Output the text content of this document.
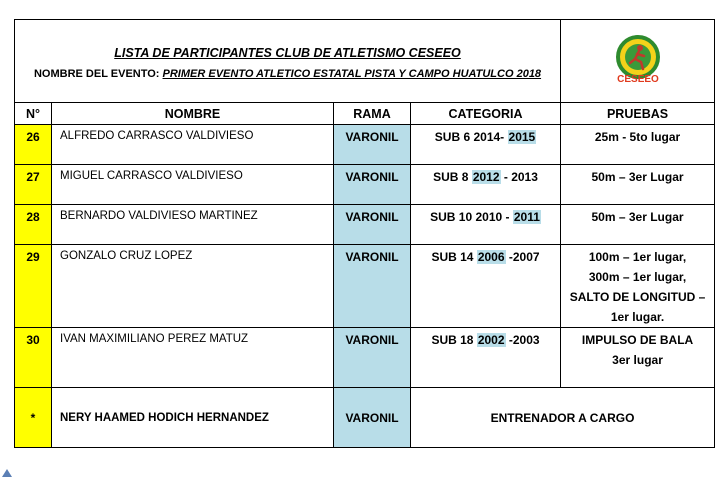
LISTA DE PARTICIPANTES CLUB DE ATLETISMO CESEEO
NOMBRE DEL EVENTO: PRIMER EVENTO ATLETICO ESTATAL PISTA Y CAMPO HUATULCO 2018				CESEEO

N°	NOMBRE	RAMA	CATEGORIA	PRUEBAS
26	ALFREDO CARRASCO VALDIVIESO	VARONIL	SUB 6 2014- 2015	25m - 5to lugar

27	MIGUEL CARRASCO VALDIVIESO	VARONIL	SUB 8 2012 - 2013	50m – 3er Lugar

28	BERNARDO VALDIVIESO MARTINEZ	VARONIL	SUB 10 2010 - 2011	50m – 3er Lugar

29	GONZALO CRUZ LOPEZ	VARONIL	SUB 14 2006 -2007	100m – 1er lugar,
300m – 1er lugar,
SALTO DE LONGITUD –
1er lugar.

30	IVAN MAXIMILIANO PEREZ MATUZ	VARONIL	SUB 18 2002 -2003	IMPULSO DE BALA
3er lugar

*	NERY HAAMED HODICH HERNANDEZ	VARONIL	ENTRENADOR A CARGO	
